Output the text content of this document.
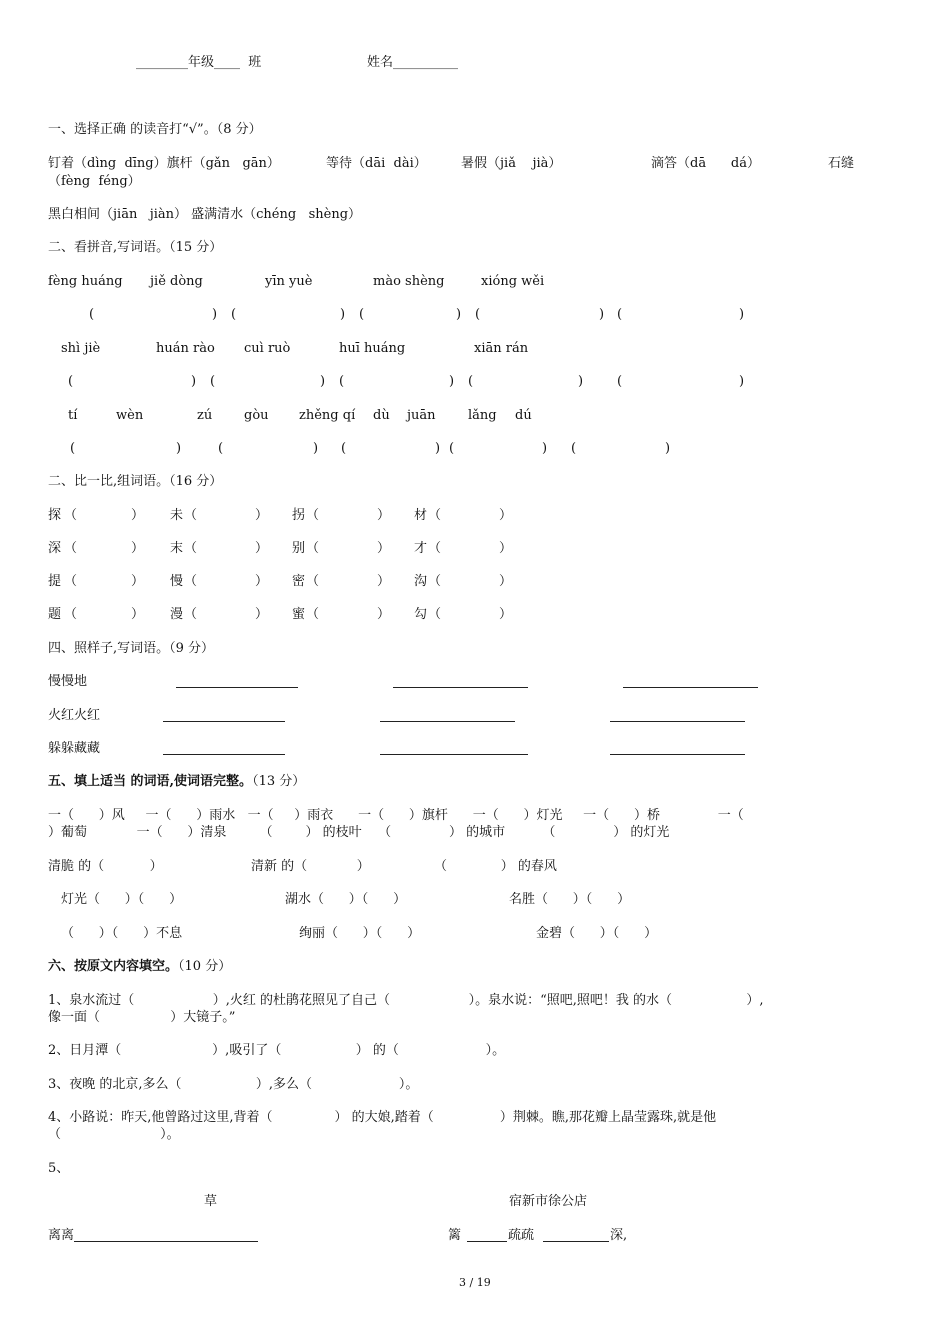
________年级____  班	姓名__________
一、选择正确 的读音打“√”。（8 分）
钉着（dìng  dīng）旗杆（gǎn   gān）	等待（dāi  dài）	暑假（jiǎ    jià）	滴答（dā      dá）	石缝
（fèng  féng）
黑白相间（jiān   jiàn） 盛满清水（chéng   shèng）
二、看拼音,写词语。（15 分）
fèng huáng jiě dòng	yīn yuè	mào shèng	xióng wěi
(	) (	) (	) (	) (	)
shì jiè	huán rào cuì ruò	huī huáng	xiān rán
(	) (	) (	) (	)	(	)
tí	wèn	zú gòu zhěng qí dù juān lǎng dú
(	)	(	) (	) (	) (	)
二、比一比,组词语。（16 分）
探 （	） 未 （	） 拐 （	） 材 （	）
深 （	） 末 （	） 别 （	） 才 （	）
提 （	） 慢 （	） 密 （	） 沟 （	）
题 （	） 漫 （	） 蜜 （	） 勾 （	）
四、照样子,写词语。（9 分）
慢慢地
火红火红
躲躲藏藏
五、填上适当 的词语,使词语完整。（13 分）
一（      ）风     一（      ）雨水   一（     ）雨衣      一（      ）旗杆      一（      ）灯光     一（      ）桥              一（
）葡萄            一（      ）清泉        （        ） 的枝叶    （              ） 的城市         （              ） 的灯光
清脆 的（           ）	清新 的（            ）	（             ） 的春风
灯光（      ）（      ）	湖水（      ）（      ）	名胜（      ）（      ）
（      ）（      ）不息	绚丽（      ）（      ）	金碧（      ）（      ）
六、按原文内容填空。（10 分）
1、泉水流过（                   ）,火红 的杜鹃花照见了自己（                   ）。泉水说：“照吧,照吧！我 的水（                  ）,
像一面（                 ）大镜子。”
2、日月潭（                      ）,吸引了（                  ） 的（                     ）。
3、夜晚 的北京,多么（                  ）,多么（                     ）。
4、小路说：昨天,他曾路过这里,背着（               ） 的大娘,踏着（                ）荆棘。瞧,那花瓣上晶莹露珠,就是他
（                        ）。
5、
草	宿新市徐公店
离离	篱	疏疏	深,
3 / 19
